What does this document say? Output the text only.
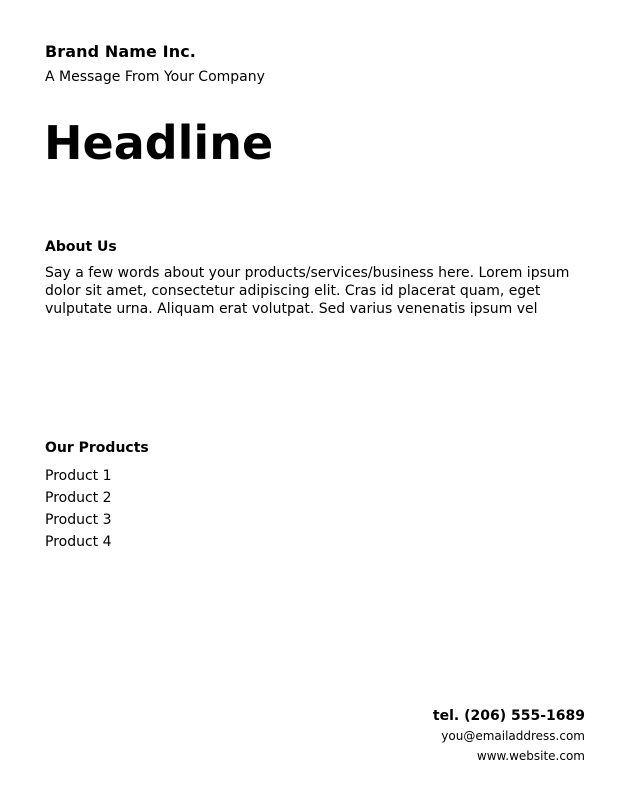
Brand Name Inc.
A Message From Your Company
Headline
About Us
Say a few words about your products/services/business here. Lorem ipsum dolor sit amet, consectetur adipiscing elit. Cras id placerat quam, eget vulputate urna. Aliquam erat volutpat. Sed varius venenatis ipsum vel
Our Products
Product 1
Product 2
Product 3
Product 4
tel. (206) 555-1689
you@emailaddress.com
www.website.com
